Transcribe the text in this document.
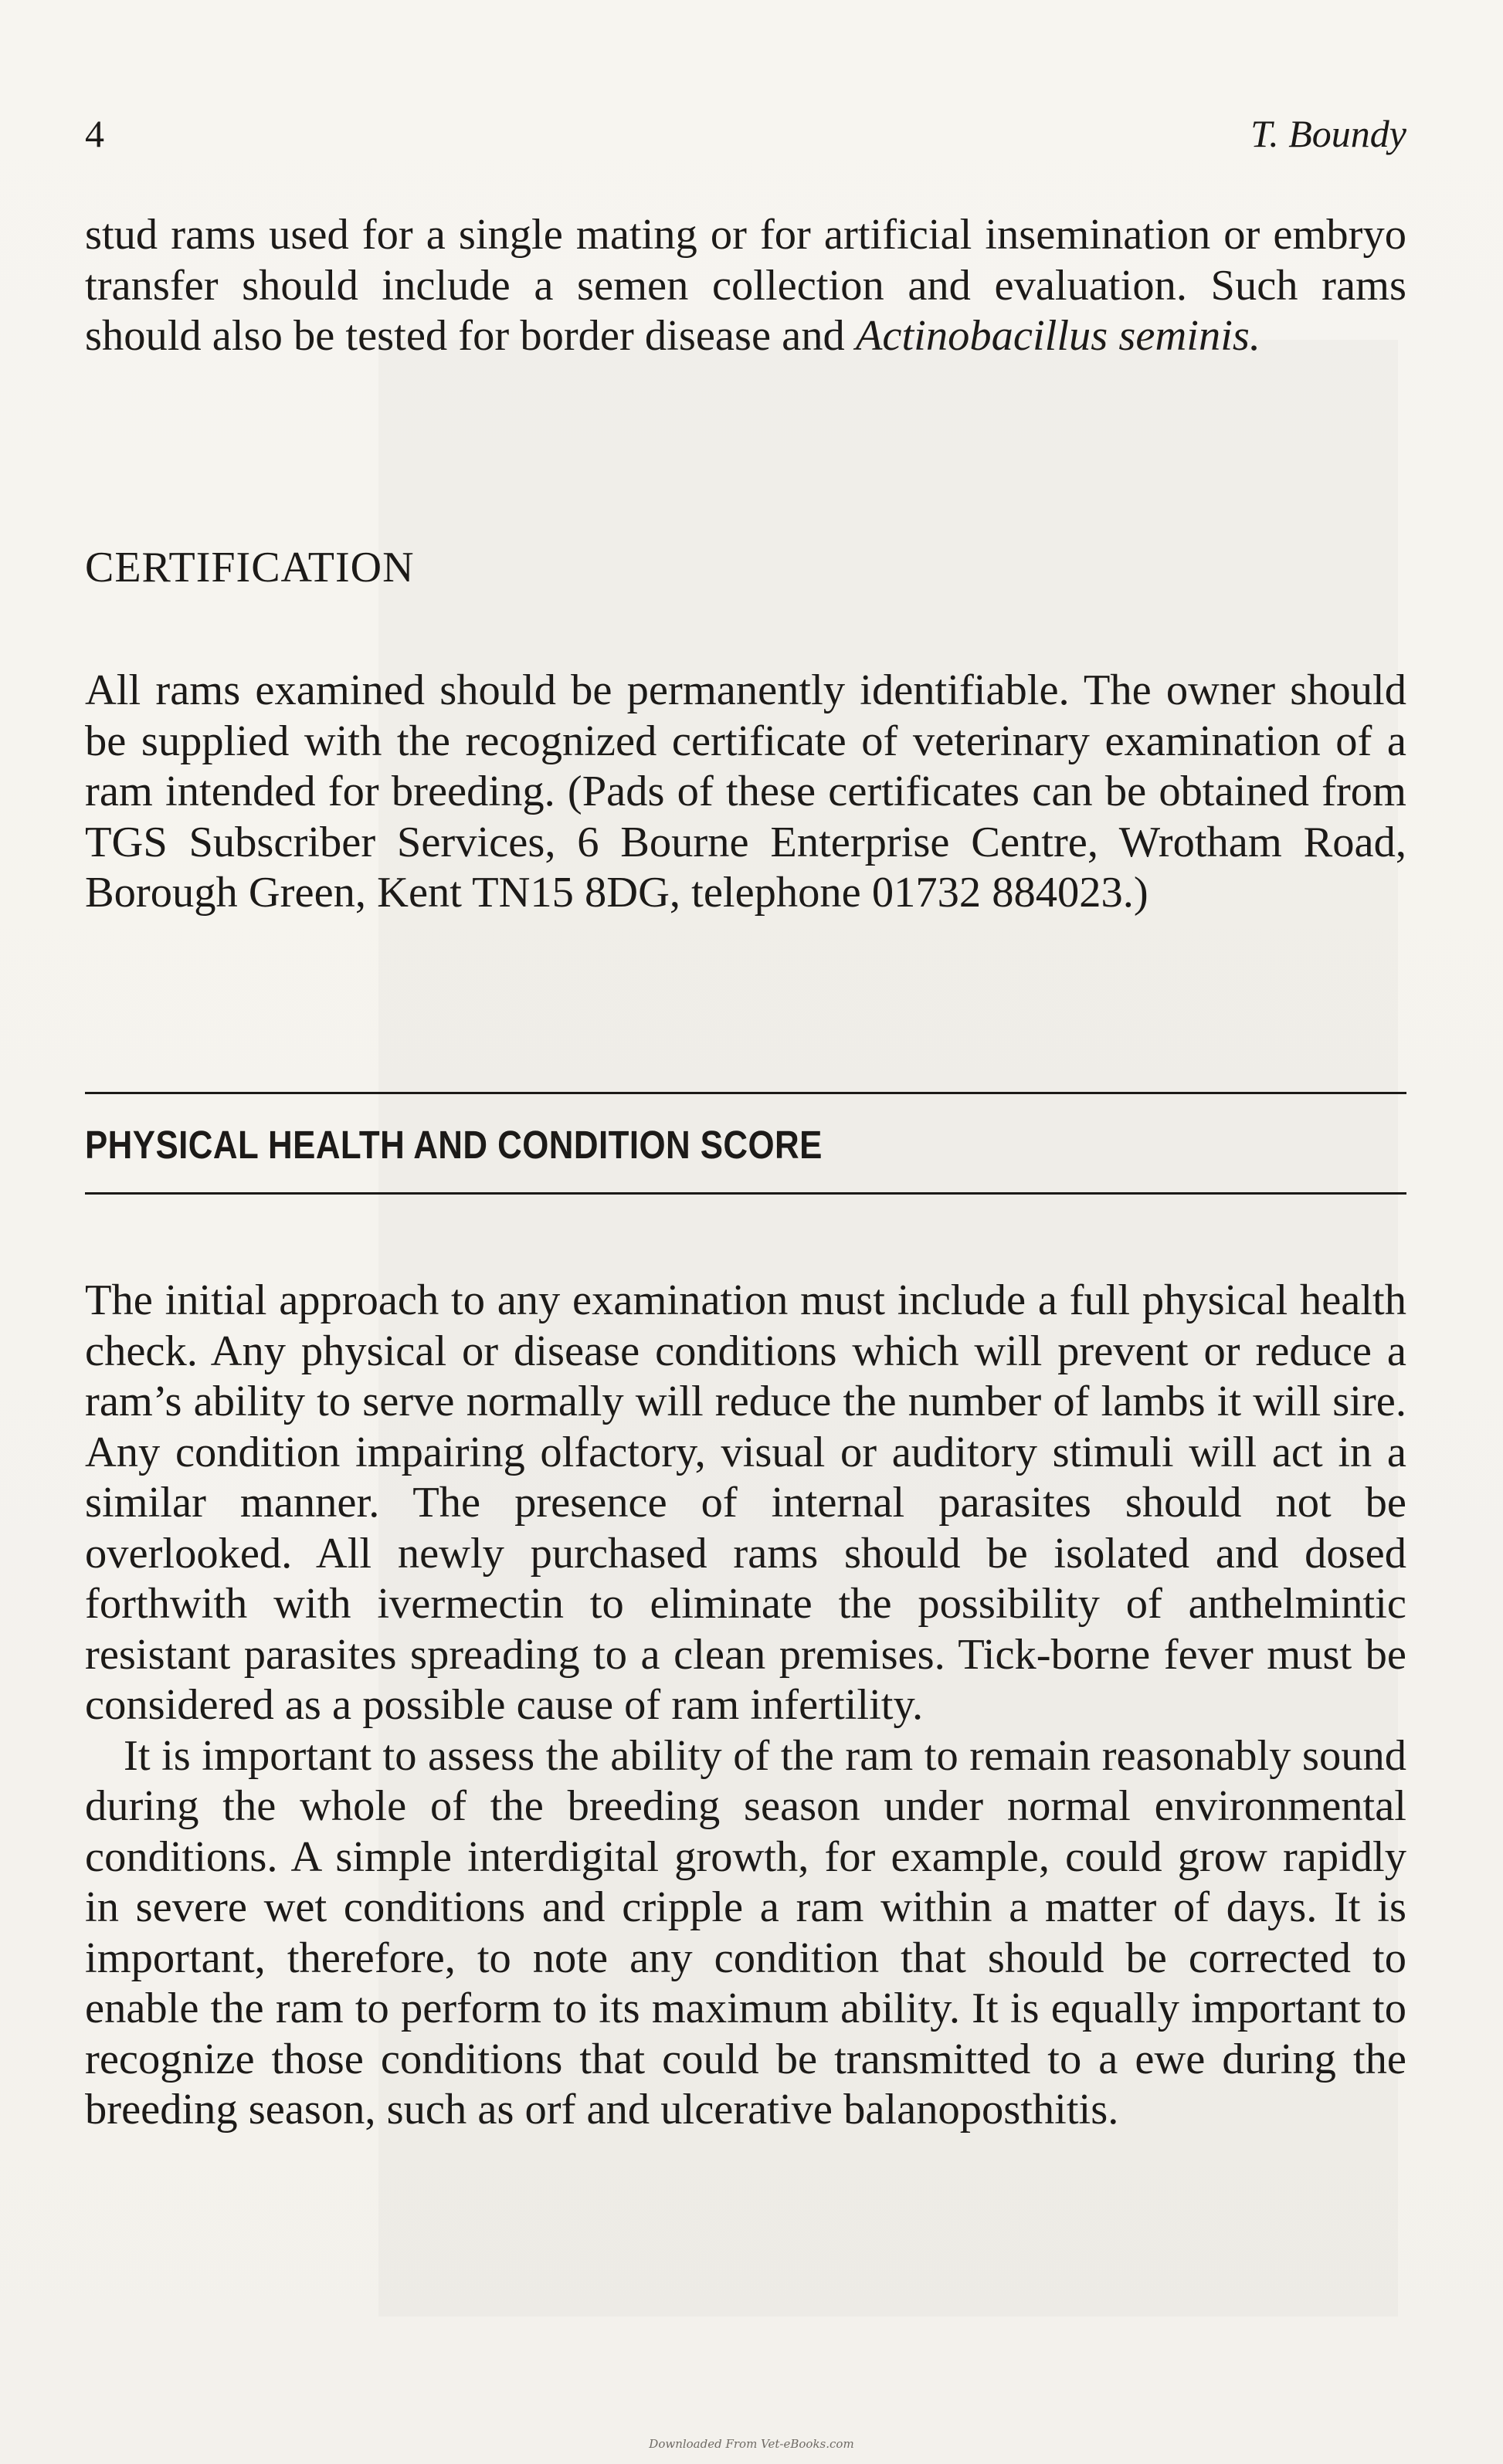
4	T. Boundy

stud rams used for a single mating or for artificial insemination or embryo transfer should include a semen collection and evaluation. Such rams should also be tested for border disease and Actinobacillus seminis.

CERTIFICATION

All rams examined should be permanently identifiable. The owner should be supplied with the recognized certificate of veterinary examination of a ram intended for breeding. (Pads of these certificates can be obtained from TGS Subscriber Services, 6 Bourne Enterprise Centre, Wrotham Road, Borough Green, Kent TN15 8DG, telephone 01732 884023.)

PHYSICAL HEALTH AND CONDITION SCORE

The initial approach to any examination must include a full physical health check. Any physical or disease conditions which will prevent or reduce a ram’s ability to serve normally will reduce the number of lambs it will sire. Any condition impairing olfactory, visual or auditory stimuli will act in a similar manner. The presence of internal parasites should not be overlooked. All newly purchased rams should be isolated and dosed forthwith with ivermectin to eliminate the possibility of anthelmintic resistant parasites spreading to a clean premises. Tick-borne fever must be considered as a possible cause of ram infertility.

It is important to assess the ability of the ram to remain reasonably sound during the whole of the breeding season under normal environmental conditions. A simple interdigital growth, for example, could grow rapidly in severe wet conditions and cripple a ram within a matter of days. It is important, therefore, to note any condition that should be corrected to enable the ram to perform to its maximum ability. It is equally important to recognize those conditions that could be transmitted to a ewe during the breeding season, such as orf and ulcerative balanoposthitis.

Downloaded From Vet-eBooks.com
